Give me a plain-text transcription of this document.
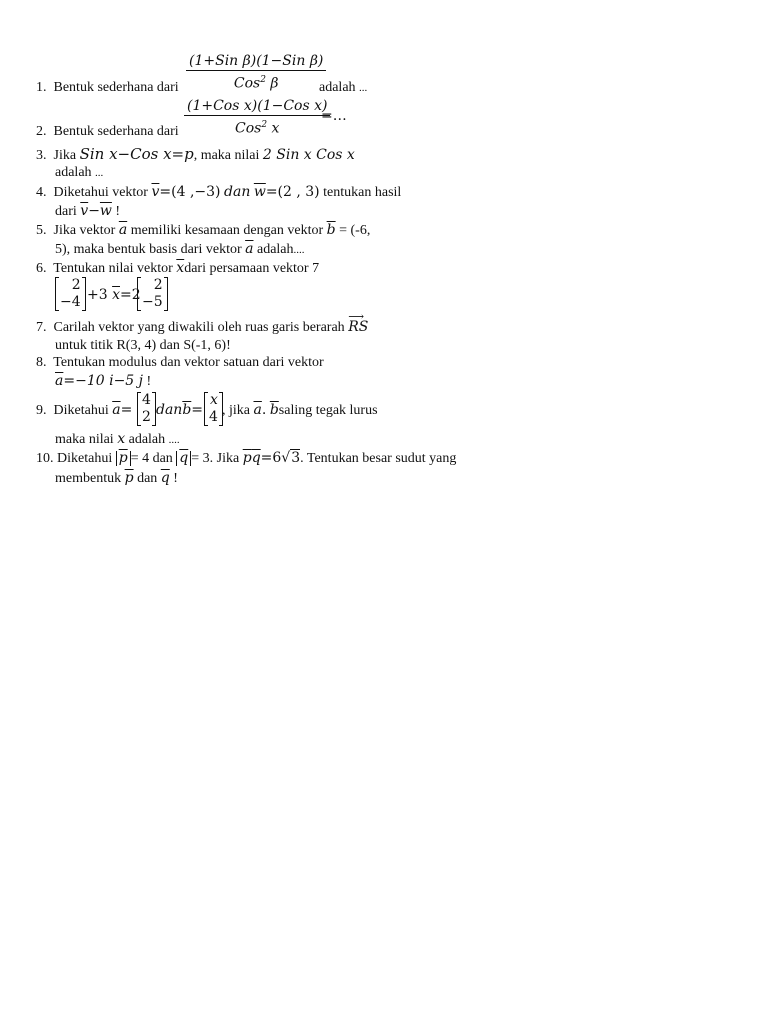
(1+Sin β)(1−Sin β)
Cos$^2$ β
1. Bentuk sederhana dari	adalah ...
(1+Cos x)(1−Cos x)
Cos$^2$ x
=…
2. Bentuk sederhana dari
3. Jika Sin x−Cos x=p, maka nilai 2 Sin x Cos x
adalah ...
4. Diketahui vektor $\overline{v}=(4$ ,−3) dan $\overline{w}=(2$ , 3) tentukan hasil
dari $\overline{v}-\overline{w}$ !
5. Jika vektor $\overline{a}$ memiliki kesamaan dengan vektor $\overline{b} = (-6$,
5), maka bentuk basis dari vektor $\overline{a}$ adalah....
6. Tentukan nilai vektor $\overline{x}dari$ persamaan vektor 7
2
−4 +3 $\overline{x}=2$
2
−5
7. Carilah vektor yang diwakili oleh ruas garis berarah ⟶ RS
untuk titik R(3, 4) dan S(-1, 6)!
8. Tentukan modulus dan vektor satuan dari vektor
$\overline{a}=-10$ i−5 j !
9. Diketahui $\overline{a}=$
4
2 $dan\overline{b}=$
x
4 , jika $\overline{a}$. $\overline{b}saling$ tegak lurus
maka nilai x adalah ....
10. Diketahui $\overline{p} = 4$ dan $\overline{q} = 3$. Jika $\overline{p}\overline{q}=6√3$. Tentukan besar sudut yang
membentuk $\overline{p}$ dan $\overline{q}$ !
